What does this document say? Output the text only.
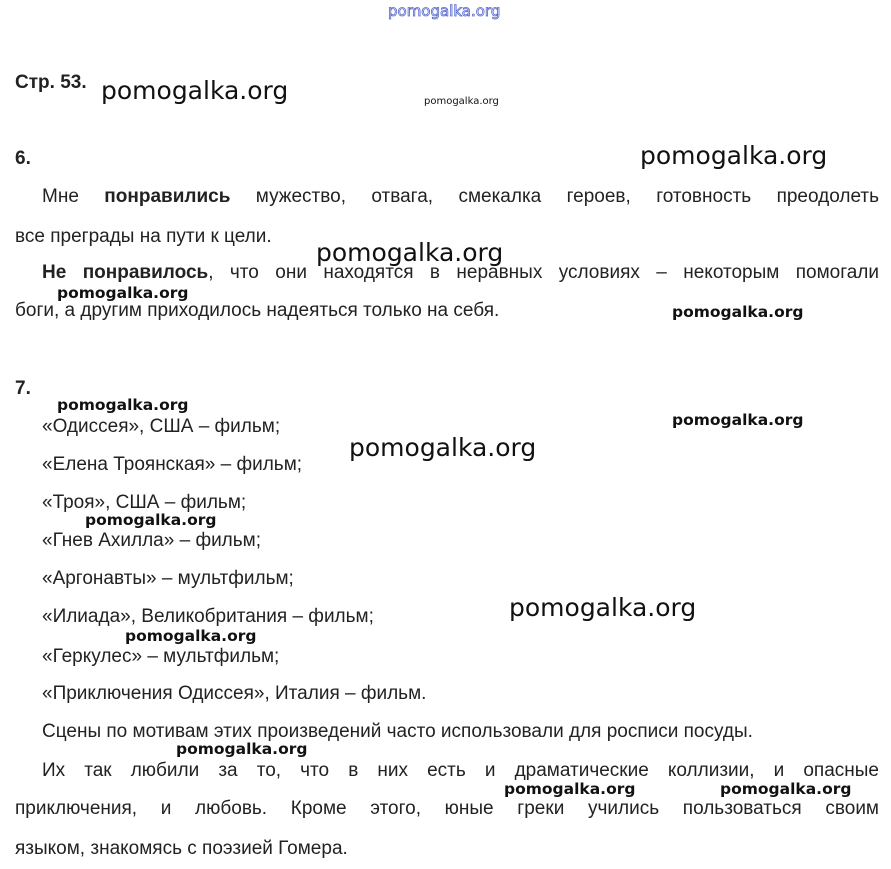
pomogalka.org
Стр. 53. pomogalka.org	pomogalka.org
6.	pomogalka.org
Мне понравились мужество, отвага, смекалка героев, готовность преодолеть
все преграды на пути к цели.
pomogalka.org
Не понравилось, что они находятся в неравных условиях – некоторым помогали
pomogalka.org
боги, а другим приходилось надеяться только на себя.	pomogalka.org
7.
pomogalka.org
pomogalka.org
«Одиссея», США – фильм;
pomogalka.org
«Елена Троянская» – фильм;
«Троя», США – фильм;
pomogalka.org
«Гнев Ахилла» – фильм;
«Аргонавты» – мультфильм;
pomogalka.org
«Илиада», Великобритания – фильм;
pomogalka.org
«Геркулес» – мультфильм;
«Приключения Одиссея», Италия – фильм.
Сцены по мотивам этих произведений часто использовали для росписи посуды.
pomogalka.org
Их так любили за то, что в них есть и драматические коллизии, и опасные
pomogalka.org	pomogalka.org
приключения, и любовь. Кроме этого, юные греки учились пользоваться своим
языком, знакомясь с поэзией Гомера.
